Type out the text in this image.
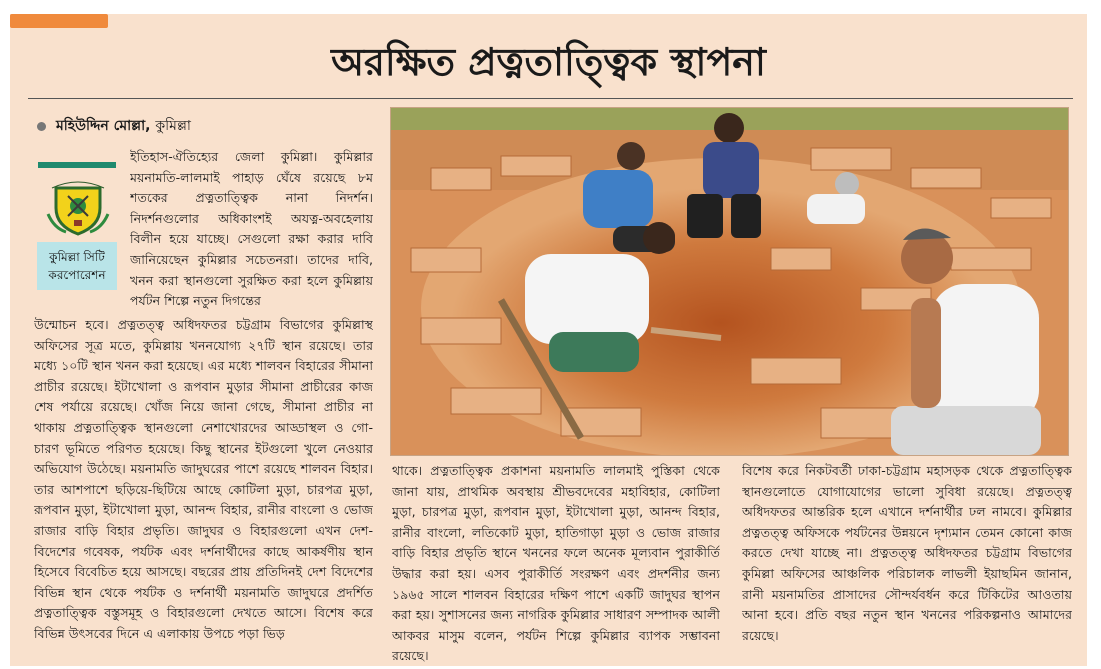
অরক্ষিত প্রত্নতাত্ত্বিক স্থাপনা
মহিউদ্দিন মোল্লা, কুমিল্লা
কুমিল্লা সিটি
করপোরেশন

ইতিহাস-ঐতিহ্যের জেলা কুমিল্লা। কুমিল্লার ময়নামতি-লালমাই পাহাড় ঘেঁষে রয়েছে ৮ম শতকের প্রত্নতাত্ত্বিক নানা নিদর্শন। নিদর্শনগুলোর অধিকাংশই অযত্ন-অবহেলায় বিলীন হয়ে যাচ্ছে। সেগুলো রক্ষা করার দাবি জানিয়েছেন কুমিল্লার সচেতনরা। তাদের দাবি, খনন করা স্থানগুলো সুরক্ষিত করা হলে কুমিল্লায় পর্যটন শিল্পে নতুন দিগন্তের

উন্মোচন হবে। প্রত্নতত্ত্ব অধিদফতর চট্টগ্রাম বিভাগের কুমিল্লাস্থ অফিসের সূত্র মতে, কুমিল্লায় খননযোগ্য ২৭টি স্থান রয়েছে। তার মধ্যে ১০টি স্থান খনন করা হয়েছে। এর মধ্যে শালবন বিহারের সীমানা প্রাচীর রয়েছে। ইটাখোলা ও রূপবান মুড়ার সীমানা প্রাচীরের কাজ শেষ পর্যায়ে রয়েছে। খোঁজ নিয়ে জানা গেছে, সীমানা প্রাচীর না থাকায় প্রত্নতাত্ত্বিক স্থানগুলো নেশাখোরদের আড্ডাস্থল ও গো-চারণ ভূমিতে পরিণত হয়েছে। কিছু স্থানের ইটগুলো খুলে নেওয়ার অভিযোগ উঠেছে। ময়নামতি জাদুঘরের পাশে রয়েছে শালবন বিহার। তার আশপাশে ছড়িয়ে-ছিটিয়ে আছে কোটিলা মুড়া, চারপত্র মুড়া, রূপবান মুড়া, ইটাখোলা মুড়া, আনন্দ বিহার, রানীর বাংলো ও ভোজ রাজার বাড়ি বিহার প্রভৃতি। জাদুঘর ও বিহারগুলো এখন দেশ-বিদেশের গবেষক, পর্যটক এবং দর্শনার্থীদের কাছে আকর্ষণীয় স্থান হিসেবে বিবেচিত হয়ে আসছে। বছরের প্রায় প্রতিদিনই দেশ বিদেশের বিভিন্ন স্থান থেকে পর্যটক ও দর্শনার্থী ময়নামতি জাদুঘরে প্রদর্শিত প্রত্নতাত্ত্বিক বস্তুসমূহ ও বিহারগুলো দেখতে আসে। বিশেষ করে বিভিন্ন উৎসবের দিনে এ এলাকায় উপচে পড়া ভিড়

থাকে। প্রত্নতাত্ত্বিক প্রকাশনা ময়নামতি লালমাই পুস্তিকা থেকে জানা যায়, প্রাথমিক অবস্থায় শ্রীভবদেবের মহাবিহার, কোটিলা মুড়া, চারপত্র মুড়া, রূপবান মুড়া, ইটাখোলা মুড়া, আনন্দ বিহার, রানীর বাংলো, লতিকোট মুড়া, হাতিগাড়া মুড়া ও ভোজ রাজার বাড়ি বিহার প্রভৃতি স্থানে খননের ফলে অনেক মূল্যবান পুরাকীর্তি উদ্ধার করা হয়। এসব পুরাকীর্তি সংরক্ষণ এবং প্রদর্শনীর জন্য ১৯৬৫ সালে শালবন বিহারের দক্ষিণ পাশে একটি জাদুঘর স্থাপন করা হয়। সুশাসনের জন্য নাগরিক কুমিল্লার সাধারণ সম্পাদক আলী আকবর মাসুম বলেন, পর্যটন শিল্পে কুমিল্লার ব্যাপক সম্ভাবনা রয়েছে।

বিশেষ করে নিকটবর্তী ঢাকা-চট্টগ্রাম মহাসড়ক থেকে প্রত্নতাত্ত্বিক স্থানগুলোতে যোগাযোগের ভালো সুবিধা রয়েছে। প্রত্নতত্ত্ব অধিদফতর আন্তরিক হলে এখানে দর্শনার্থীর ঢল নামবে। কুমিল্লার প্রত্নতত্ত্ব অফিসকে পর্যটনের উন্নয়নে দৃশ্যমান তেমন কোনো কাজ করতে দেখা যাচ্ছে না। প্রত্নতত্ত্ব অধিদফতর চট্টগ্রাম বিভাগের কুমিল্লা অফিসের আঞ্চলিক পরিচালক লাভলী ইয়াছমিন জানান, রানী ময়নামতির প্রাসাদের সৌন্দর্যবর্ধন করে টিকিটের আওতায় আনা হবে। প্রতি বছর নতুন স্থান খননের পরিকল্পনাও আমাদের রয়েছে।
